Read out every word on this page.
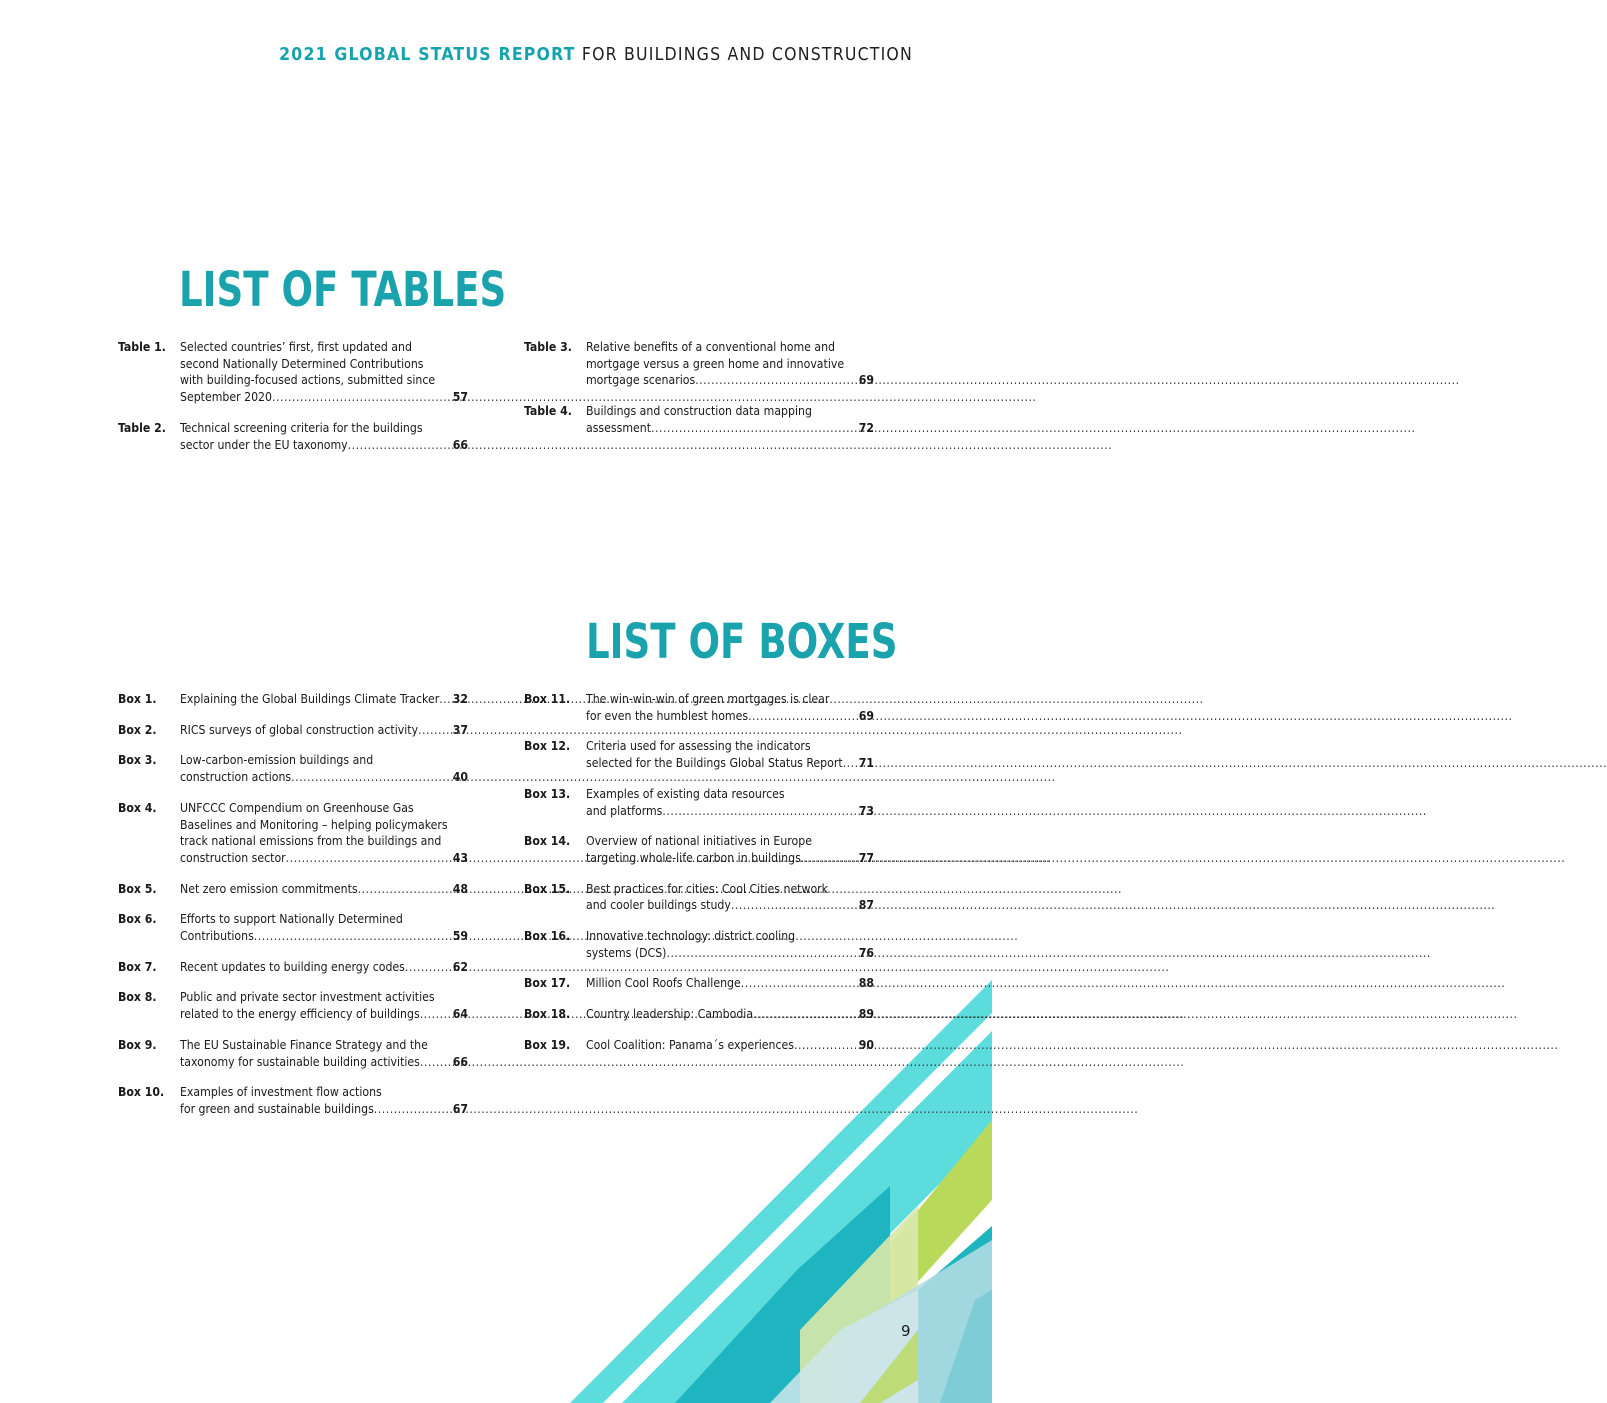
2021 GLOBAL STATUS REPORT FOR BUILDINGS AND CONSTRUCTION
LIST OF TABLES
Table 1.	Selected countries’ first, first updated and
second Nationally Determined Contributions
with building-focused actions, submitted since
September 2020 .....	57
Table 2.	Technical screening criteria for the buildings
sector under the EU taxonomy .....	66
Table 3.	Relative benefits of a conventional home and
mortgage versus a green home and innovative
mortgage scenarios .....	69
Table 4.	Buildings and construction data mapping
assessment .....	72
LIST OF BOXES
Box 1.	Explaining the Global Buildings Climate Tracker ..... 32
Box 2.	RICS surveys of global construction activity .....	37
Box 3.	Low-carbon-emission buildings and
construction actions .....	40
Box 4.	UNFCCC Compendium on Greenhouse Gas
Baselines and Monitoring – helping policymakers
track national emissions from the buildings and
construction sector .....	43
Box 5.	Net zero emission commitments .....	48
Box 6.	Efforts to support Nationally Determined
Contributions .....	59
Box 7.	Recent updates to building energy codes .....	62
Box 8.	Public and private sector investment activities
related to the energy efficiency of buildings .....	64
Box 9.	The EU Sustainable Finance Strategy and the
taxonomy for sustainable building activities .....	66
Box 10.	Examples of investment flow actions
for green and sustainable buildings .....	67
Box 11.	The win-win-win of green mortgages is clear
for even the humblest homes .....	69
Box 12.	Criteria used for assessing the indicators
selected for the Buildings Global Status Report ..... 71
Box 13.	Examples of existing data resources
and platforms .....	73
Box 14.	Overview of national initiatives in Europe
targeting whole-life carbon in buildings .....	77
Box 15.	Best practices for cities: Cool Cities network
and cooler buildings study .....	87
Box 16.	Innovative technology: district cooling
systems (DCS) .....	76
Box 17.	Million Cool Roofs Challenge .....	88
Box 18.	Country leadership: Cambodia .....	89
Box 19.	Cool Coalition: Panama´s experiences .....	90
9
